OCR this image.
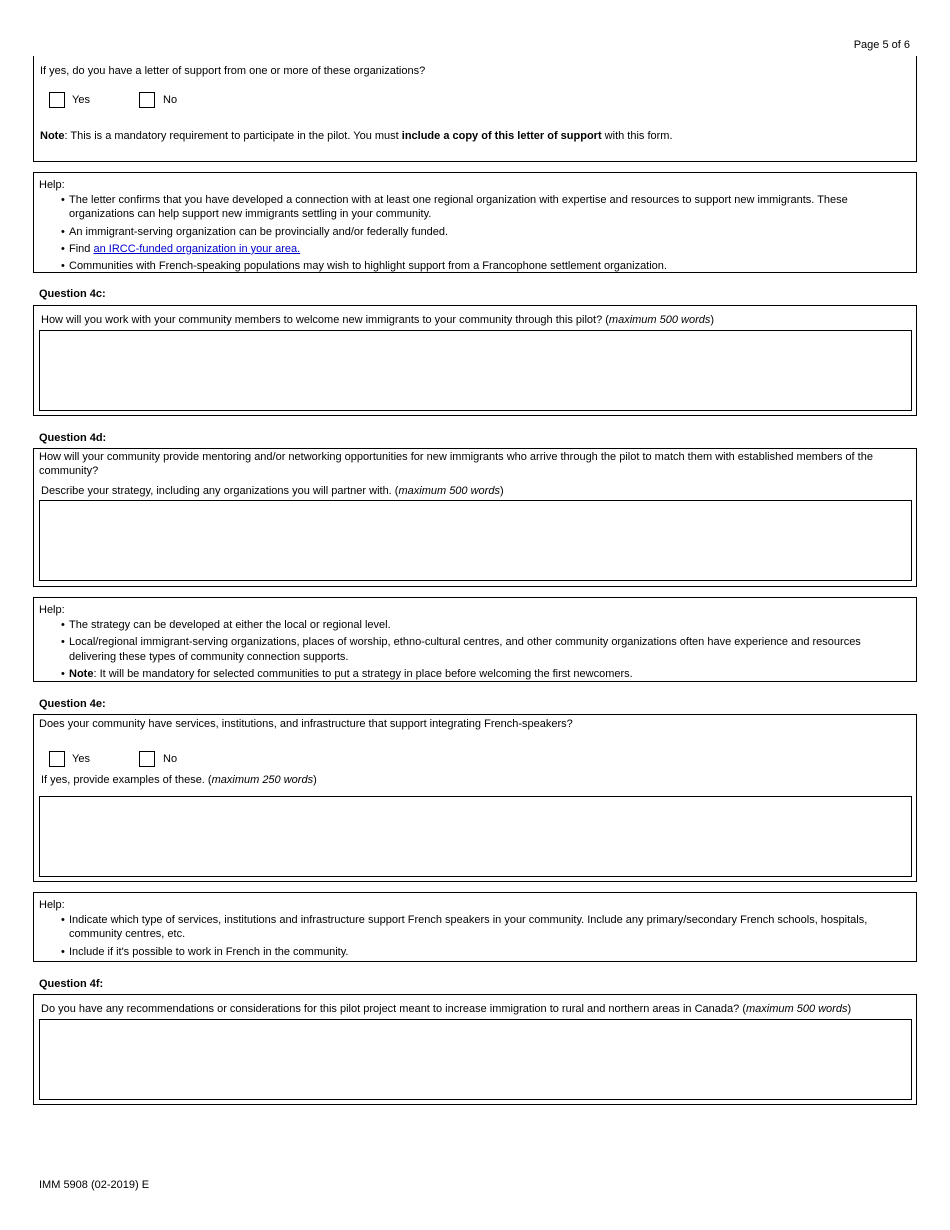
Page 5 of 6
If yes, do you have a letter of support from one or more of these organizations?
Yes	No
Note: This is a mandatory requirement to participate in the pilot. You must include a copy of this letter of support with this form.
Help:
• The letter confirms that you have developed a connection with at least one regional organization with expertise and resources to support new immigrants. These organizations can help support new immigrants settling in your community.
• An immigrant-serving organization can be provincially and/or federally funded.
• Find an IRCC-funded organization in your area.
• Communities with French-speaking populations may wish to highlight support from a Francophone settlement organization.
Question 4c:
How will you work with your community members to welcome new immigrants to your community through this pilot? (maximum 500 words)
Question 4d:
How will your community provide mentoring and/or networking opportunities for new immigrants who arrive through the pilot to match them with established members of the community?
Describe your strategy, including any organizations you will partner with. (maximum 500 words)
Help:
• The strategy can be developed at either the local or regional level.
• Local/regional immigrant-serving organizations, places of worship, ethno-cultural centres, and other community organizations often have experience and resources delivering these types of community connection supports.
• Note: It will be mandatory for selected communities to put a strategy in place before welcoming the first newcomers.
Question 4e:
Does your community have services, institutions, and infrastructure that support integrating French-speakers?
Yes	No
If yes, provide examples of these. (maximum 250 words)
Help:
• Indicate which type of services, institutions and infrastructure support French speakers in your community. Include any primary/secondary French schools, hospitals, community centres, etc.
• Include if it's possible to work in French in the community.
Question 4f:
Do you have any recommendations or considerations for this pilot project meant to increase immigration to rural and northern areas in Canada? (maximum 500 words)
IMM 5908 (02-2019) E
